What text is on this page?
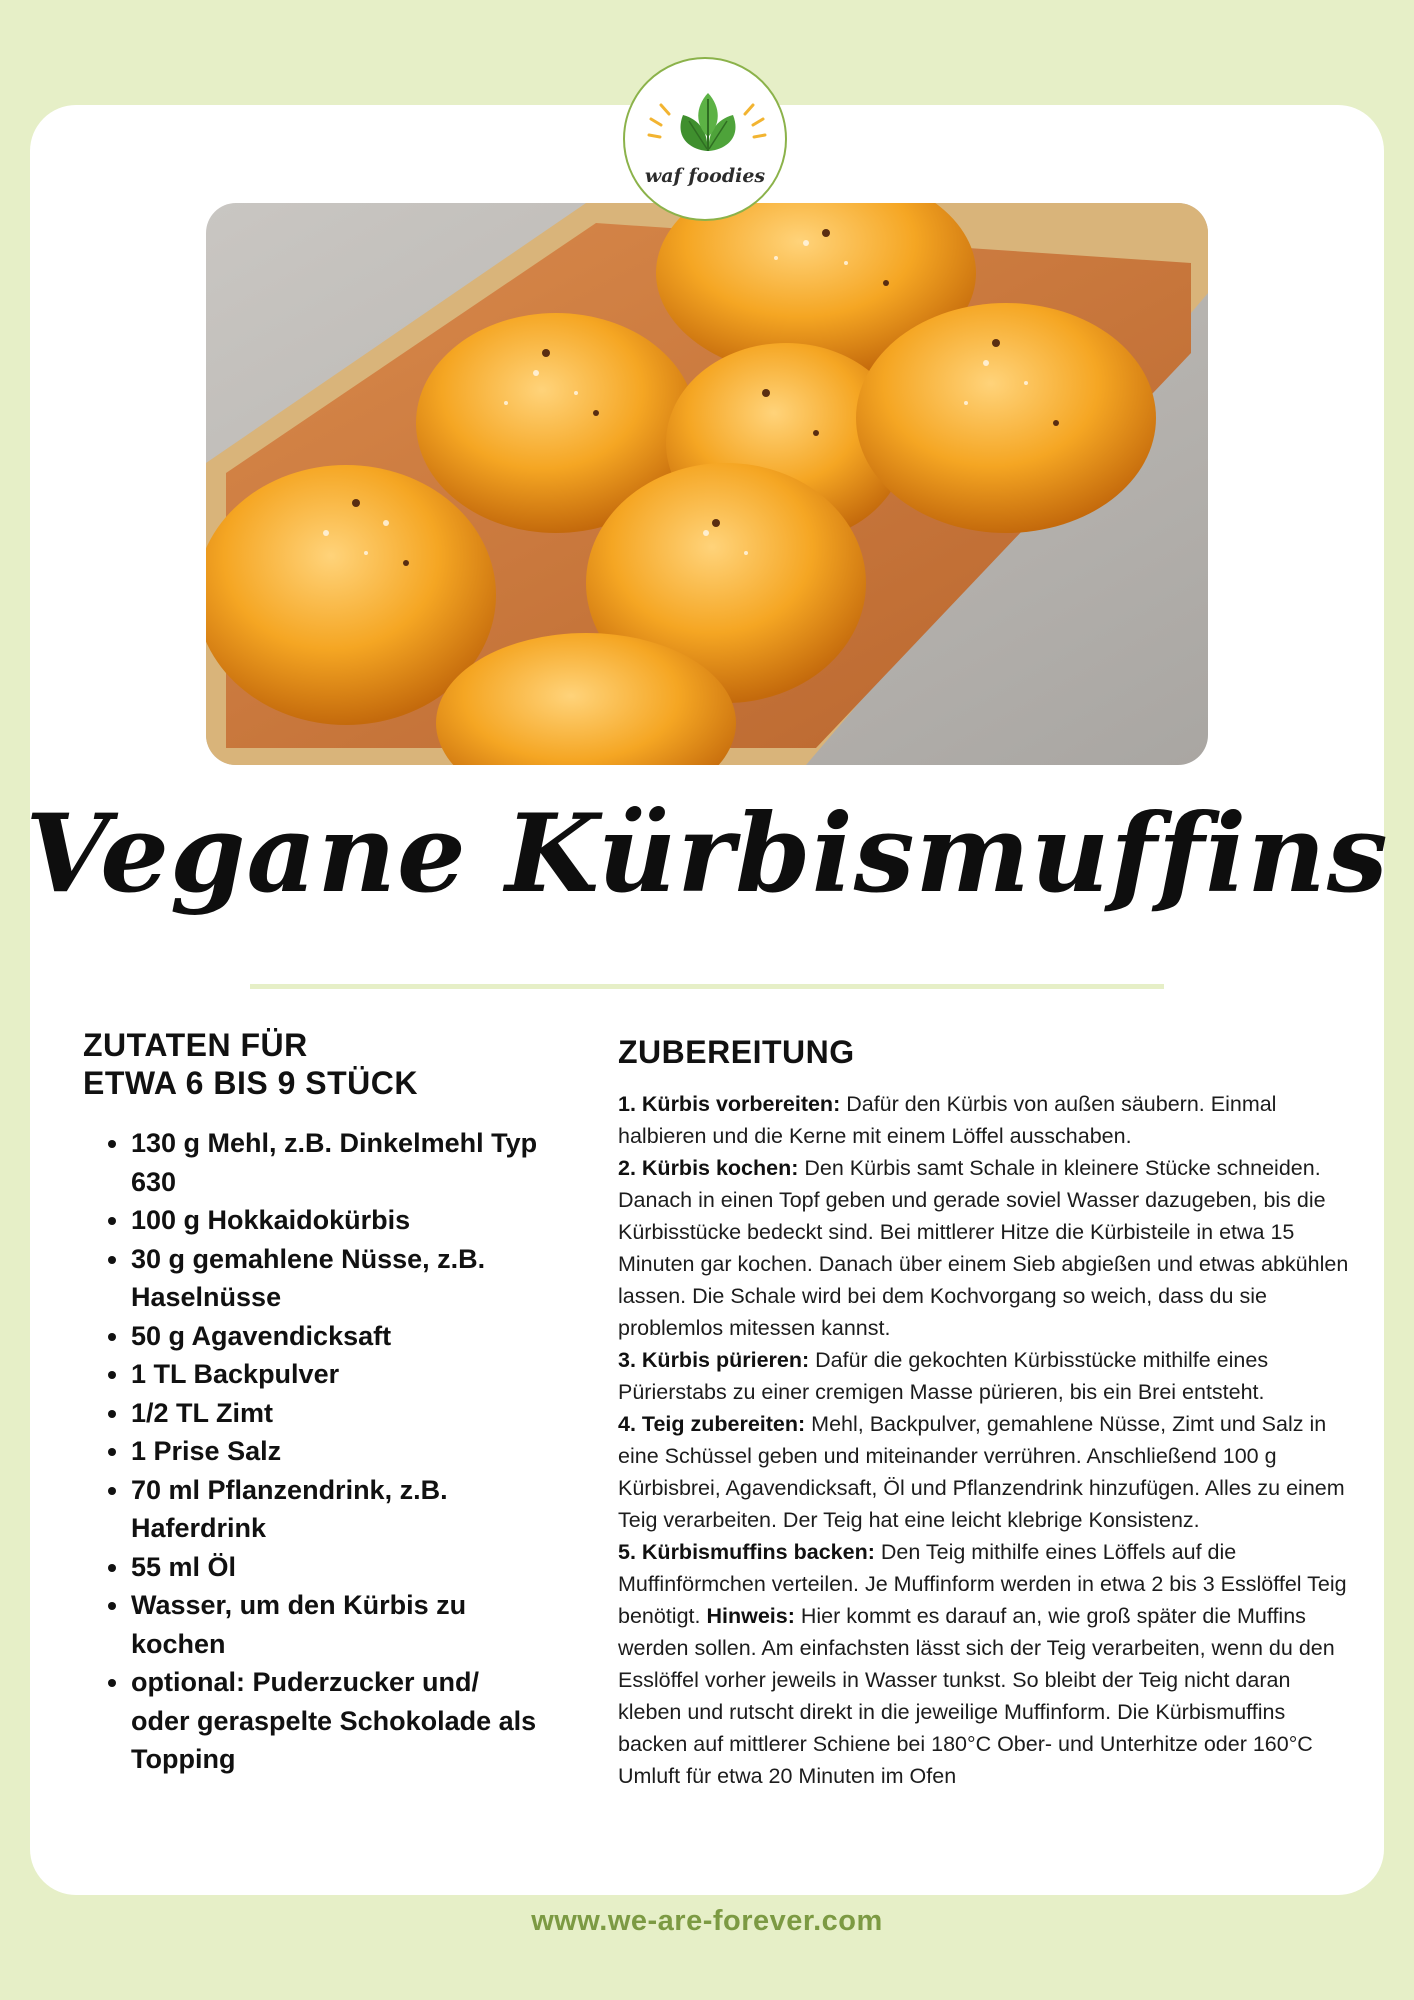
waf foodies
Vegane Kürbismuffins
ZUTATEN FÜR
ETWA 6 BIS 9 STÜCK
• 130 g Mehl, z.B. Dinkelmehl Typ 630
• 100 g Hokkaidokürbis
• 30 g gemahlene Nüsse, z.B. Haselnüsse
• 50 g Agavendicksaft
• 1 TL Backpulver
• 1/2 TL Zimt
• 1 Prise Salz
• 70 ml Pflanzendrink, z.B. Haferdrink
• 55 ml Öl
• Wasser, um den Kürbis zu kochen
• optional: Puderzucker und/ oder geraspelte Schokolade als Topping
ZUBEREITUNG

1. Kürbis vorbereiten: Dafür den Kürbis von außen säubern. Einmal halbieren und die Kerne mit einem Löffel ausschaben.

2. Kürbis kochen: Den Kürbis samt Schale in kleinere Stücke schneiden. Danach in einen Topf geben und gerade soviel Wasser dazugeben, bis die Kürbisstücke bedeckt sind. Bei mittlerer Hitze die Kürbisteile in etwa 15 Minuten gar kochen. Danach über einem Sieb abgießen und etwas abkühlen lassen. Die Schale wird bei dem Kochvorgang so weich, dass du sie problemlos mitessen kannst.

3. Kürbis pürieren: Dafür die gekochten Kürbisstücke mithilfe eines Pürierstabs zu einer cremigen Masse pürieren, bis ein Brei entsteht.

4. Teig zubereiten: Mehl, Backpulver, gemahlene Nüsse, Zimt und Salz in eine Schüssel geben und miteinander verrühren. Anschließend 100 g Kürbisbrei, Agavendicksaft, Öl und Pflanzendrink hinzufügen. Alles zu einem Teig verarbeiten. Der Teig hat eine leicht klebrige Konsistenz.

5. Kürbismuffins backen: Den Teig mithilfe eines Löffels auf die Muffinförmchen verteilen. Je Muffinform werden in etwa 2 bis 3 Esslöffel Teig benötigt. Hinweis: Hier kommt es darauf an, wie groß später die Muffins werden sollen. Am einfachsten lässt sich der Teig verarbeiten, wenn du den Esslöffel vorher jeweils in Wasser tunkst. So bleibt der Teig nicht daran kleben und rutscht direkt in die jeweilige Muffinform. Die Kürbismuffins backen auf mittlerer Schiene bei 180°C Ober- und Unterhitze oder 160°C Umluft für etwa 20 Minuten im Ofen

www.we-are-forever.com
